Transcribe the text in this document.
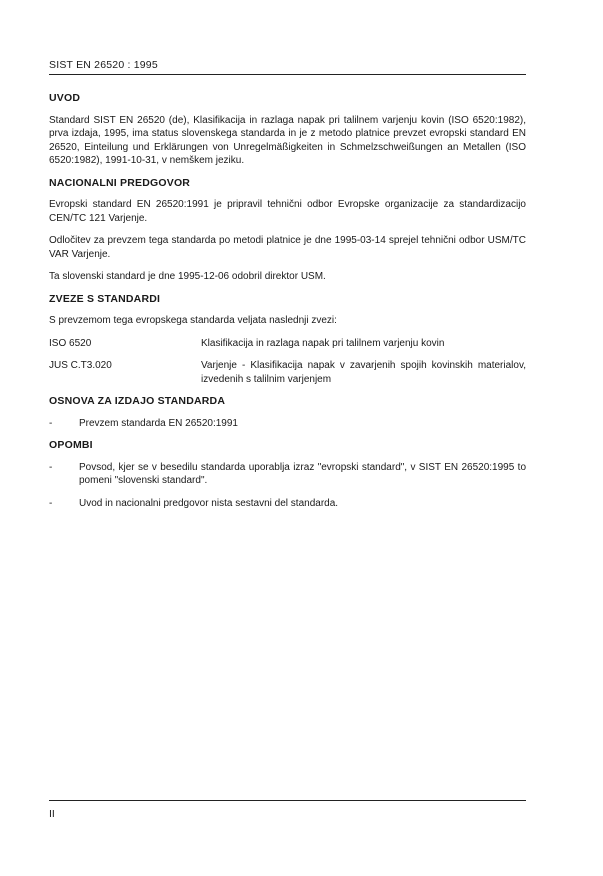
SIST EN 26520 : 1995
UVOD

Standard SIST EN 26520 (de), Klasifikacija in razlaga napak pri talilnem varjenju kovin (ISO 6520:1982), prva izdaja, 1995, ima status slovenskega standarda in je z metodo platnice prevzet evropski standard EN 26520, Einteilung und Erklärungen von Unregelmäßigkeiten in Schmelzschweißungen an Metallen (ISO 6520:1982), 1991-10-31, v nemškem jeziku.

NACIONALNI PREDGOVOR

Evropski standard EN 26520:1991 je pripravil tehnični odbor Evropske organizacije za standardizacijo CEN/TC 121 Varjenje.

Odločitev za prevzem tega standarda po metodi platnice je dne 1995-03-14 sprejel tehnični odbor USM/TC VAR Varjenje.

Ta slovenski standard je dne 1995-12-06 odobril direktor USM.

ZVEZE S STANDARDI

S prevzemom tega evropskega standarda veljata naslednji zvezi:

ISO 6520	Klasifikacija in razlaga napak pri talilnem varjenju kovin
JUS C.T3.020	Varjenje - Klasifikacija napak v zavarjenih spojih kovinskih materialov, izvedenih s talilnim varjenjem
OSNOVA ZA IZDAJO STANDARDA
-	Prevzem standarda EN 26520:1991
OPOMBI
-	Povsod, kjer se v besedilu standarda uporablja izraz "evropski standard", v SIST EN 26520:1995 to pomeni "slovenski standard".
-	Uvod in nacionalni predgovor nista sestavni del standarda.
II
